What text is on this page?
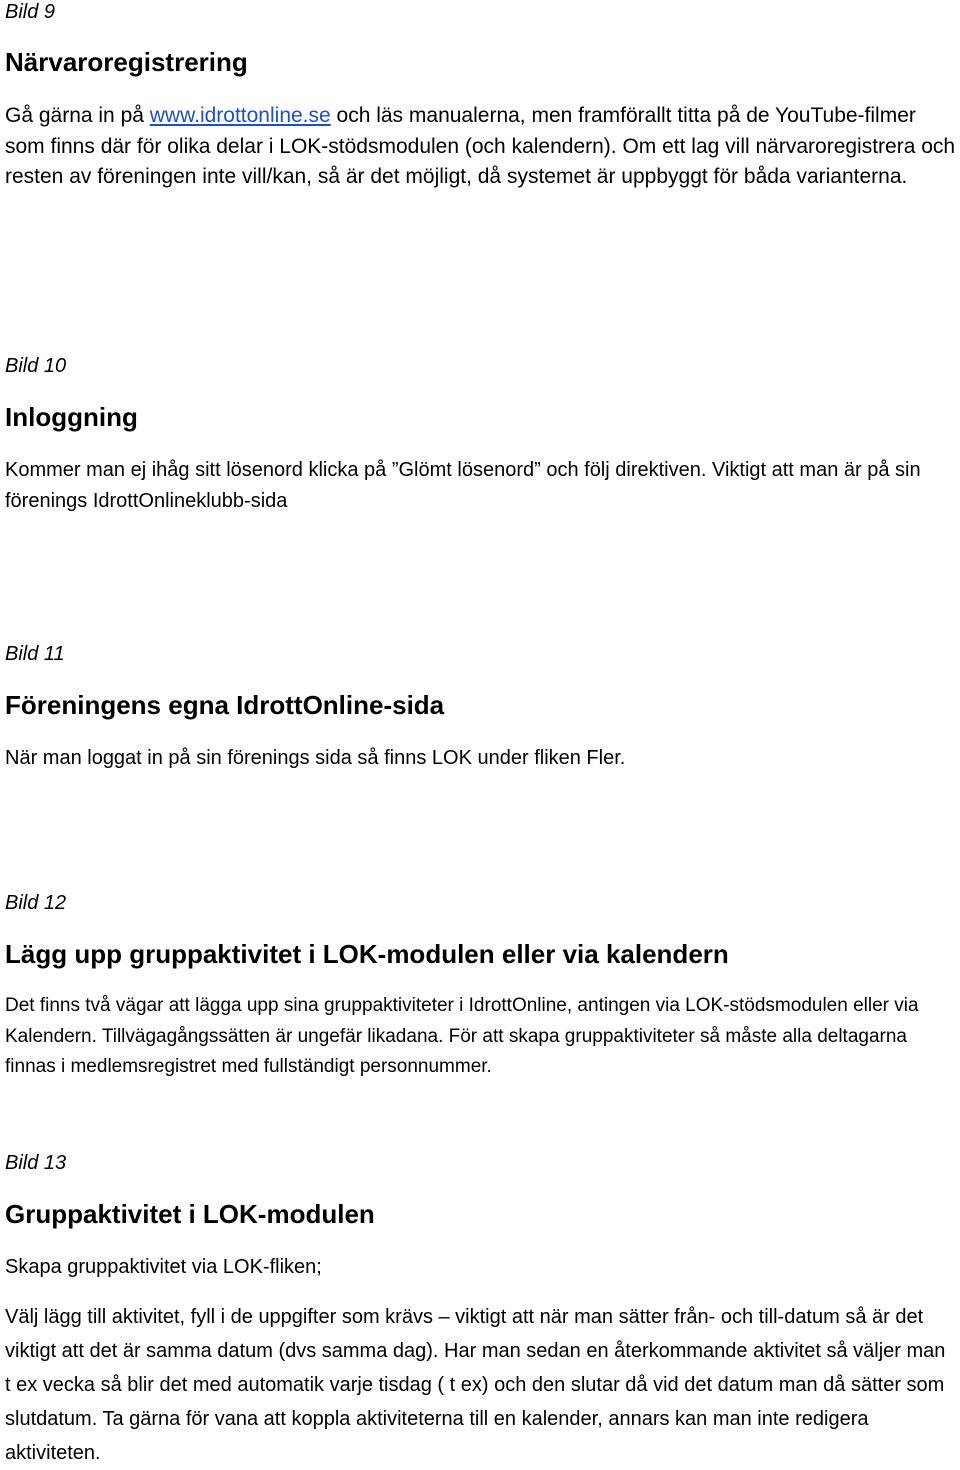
Bild 9
Närvaroregistrering

Gå gärna in på www.idrottonline.se och läs manualerna, men framförallt titta på de YouTube-filmer som finns där för olika delar i LOK-stödsmodulen (och kalendern). Om ett lag vill närvaroregistrera och resten av föreningen inte vill/kan, så är det möjligt, då systemet är uppbyggt för båda varianterna.

Bild 10
Inloggning

Kommer man ej ihåg sitt lösenord klicka på ”Glömt lösenord” och följ direktiven. Viktigt att man är på sin förenings IdrottOnlineklubb-sida

Bild 11
Föreningens egna IdrottOnline-sida

När man loggat in på sin förenings sida så finns LOK under fliken Fler.

Bild 12
Lägg upp gruppaktivitet i LOK-modulen eller via kalendern

Det finns två vägar att lägga upp sina gruppaktiviteter i IdrottOnline, antingen via LOK-stödsmodulen eller via Kalendern. Tillvägagångssätten är ungefär likadana. För att skapa gruppaktiviteter så måste alla deltagarna finnas i medlemsregistret med fullständigt personnummer.

Bild 13
Gruppaktivitet i LOK-modulen

Skapa gruppaktivitet via LOK-fliken;

Välj lägg till aktivitet, fyll i de uppgifter som krävs – viktigt att när man sätter från- och till-datum så är det viktigt att det är samma datum (dvs samma dag). Har man sedan en återkommande aktivitet så väljer man t ex vecka så blir det med automatik varje tisdag ( t ex) och den slutar då vid det datum man då sätter som slutdatum. Ta gärna för vana att koppla aktiviteterna till en kalender, annars kan man inte redigera aktiviteten.
